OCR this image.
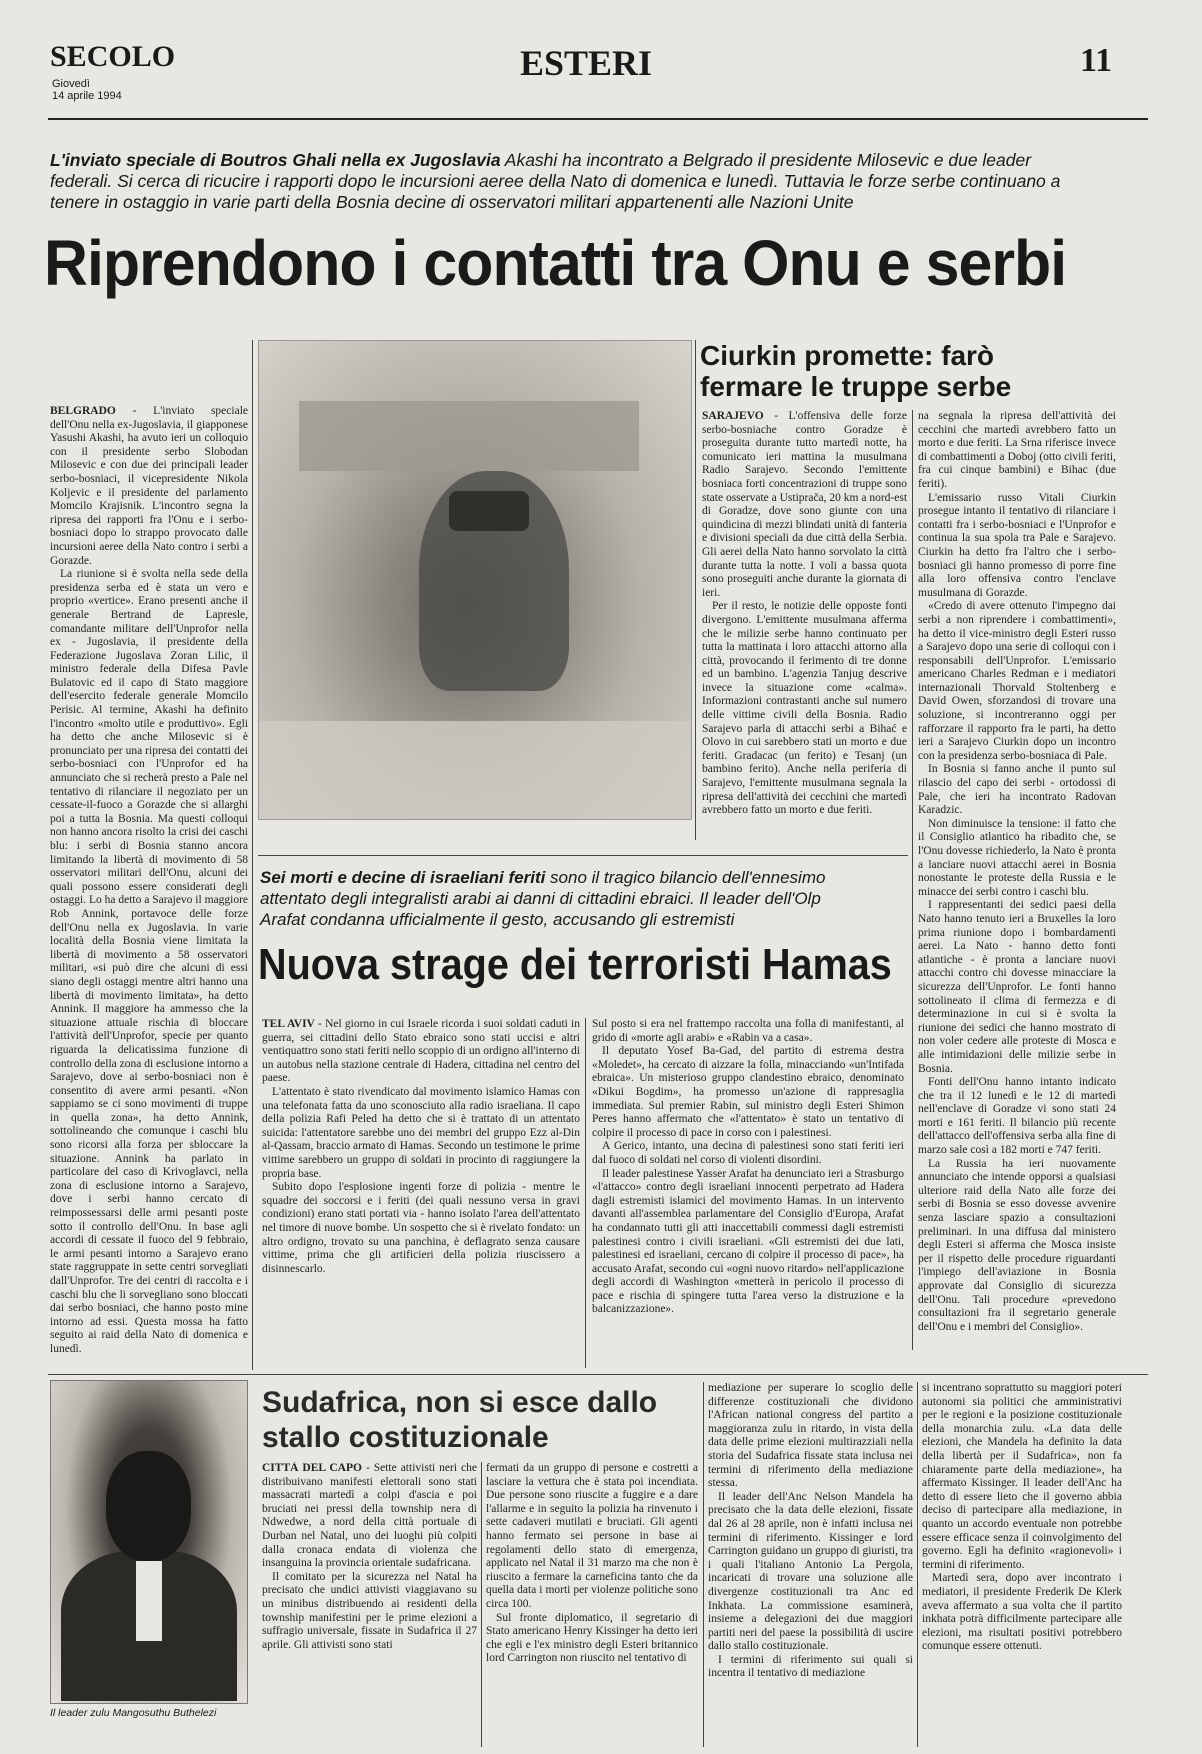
SECOLO
Giovedì
14 aprile 1994
ESTERI	11
L'inviato speciale di Boutros Ghali nella ex Jugoslavia Akashi ha incontrato a Belgrado il presidente Milosevic e due leader federali. Si cerca di ricucire i rapporti dopo le incursioni aeree della Nato di domenica e lunedì. Tuttavia le forze serbe continuano a tenere in ostaggio in varie parti della Bosnia decine di osservatori militari appartenenti alle Nazioni Unite
Riprendono i contatti tra Onu e serbi

BELGRADO - L'inviato speciale dell'Onu nella ex-Jugoslavia, il giapponese Yasushi Akashi, ha avuto ieri un colloquio con il presidente serbo Slobodan Milosevic e con due dei principali leader serbo-bosniaci, il vicepresidente Nikola Koljevic e il presidente del parlamento Momcilo Krajisnik. L'incontro segna la ripresa dei rapporti fra l'Onu e i serbo-bosniaci dopo lo strappo provocato dalle incursioni aeree della Nato contro i serbi a Gorazde.

La riunione si è svolta nella sede della presidenza serba ed è stata un vero e proprio «vertice». Erano presenti anche il generale Bertrand de Lapresle, comandante militare dell'Unprofor nella ex - Jugoslavia, il presidente della Federazione Jugoslava Zoran Lilic, il ministro federale della Difesa Pavle Bulatovic ed il capo di Stato maggiore dell'esercito federale generale Momcilo Perisic. Al termine, Akashi ha definito l'incontro «molto utile e produttivo». Egli ha detto che anche Milosevic si è pronunciato per una ripresa dei contatti dei serbo-bosniaci con l'Unprofor ed ha annunciato che si recherà presto a Pale nel tentativo di rilanciare il negoziato per un cessate-il-fuoco a Gorazde che si allarghi poi a tutta la Bosnia. Ma questi colloqui non hanno ancora risolto la crisi dei caschi blu: i serbi di Bosnia stanno ancora limitando la libertà di movimento di 58 osservatori militari dell'Onu, alcuni dei quali possono essere considerati degli ostaggi. Lo ha detto a Sarajevo il maggiore Rob Annink, portavoce delle forze dell'Onu nella ex Jugoslavia. In varie località della Bosnia viene limitata la libertà di movimento a 58 osservatori militari, «si può dire che alcuni di essi siano degli ostaggi mentre altri hanno una libertà di movimento limitata», ha detto Annink. Il maggiore ha ammesso che la situazione attuale rischia di bloccare l'attività dell'Unprofor, specie per quanto riguarda la delicatissima funzione di controllo della zona di esclusione intorno a Sarajevo, dove ai serbo-bosniaci non è consentito di avere armi pesanti. «Non sappiamo se ci sono movimenti di truppe in quella zona», ha detto Annink, sottolineando che comunque i caschi blu sono ricorsi alla forza per sbloccare la situazione. Annink ha parlato in particolare del caso di Krivoglavci, nella zona di esclusione intorno a Sarajevo, dove i serbi hanno cercato di reimpossessarsi delle armi pesanti poste sotto il controllo dell'Onu. In base agli accordi di cessate il fuoco del 9 febbraio, le armi pesanti intorno a Sarajevo erano state raggruppate in sette centri sorvegliati dall'Unprofor. Tre dei centri di raccolta e i caschi blu che li sorvegliano sono bloccati dai serbo bosniaci, che hanno posto mine intorno ad essi. Questa mossa ha fatto seguito ai raid della Nato di domenica e lunedì.

Ciurkin promette: farò fermare le truppe serbe

SARAJEVO - L'offensiva delle forze serbo-bosniache contro Goradze è proseguita durante tutto martedì notte, ha comunicato ieri mattina la musulmana Radio Sarajevo. Secondo l'emittente bosniaca forti concentrazioni di truppe sono state osservate a Ustiprača, 20 km a nord-est di Goradze, dove sono giunte con una quindicina di mezzi blindati unità di fanteria e divisioni speciali da due città della Serbia. Gli aerei della Nato hanno sorvolato la città durante tutta la notte. I voli a bassa quota sono proseguiti anche durante la giornata di ieri.

Per il resto, le notizie delle opposte fonti divergono. L'emittente musulmana afferma che le milizie serbe hanno continuato per tutta la mattinata i loro attacchi attorno alla città, provocando il ferimento di tre donne ed un bambino. L'agenzia Tanjug descrive invece la situazione come «calma». Informazioni contrastanti anche sul numero delle vittime civili della Bosnia. Radio Sarajevo parla di attacchi serbi a Bihać e Olovo in cui sarebbero stati un morto e due feriti. Gradacac (un ferito) e Tesanj (un bambino ferito). Anche nella periferia di Sarajevo, l'emittente musulmana segnala la ripresa dell'attività dei cecchini che martedì avrebbero fatto un morto e due feriti.

na segnala la ripresa dell'attività dei cecchini che martedì avrebbero fatto un morto e due feriti. La Srna riferisce invece di combattimenti a Doboj (otto civili feriti, fra cui cinque bambini) e Bihac (due feriti).

L'emissario russo Vitali Ciurkin prosegue intanto il tentativo di rilanciare i contatti fra i serbo-bosniaci e l'Unprofor e continua la sua spola tra Pale e Sarajevo. Ciurkin ha detto fra l'altro che i serbo-bosniaci gli hanno promesso di porre fine alla loro offensiva contro l'enclave musulmana di Gorazde.

«Credo di avere ottenuto l'impegno dai serbi a non riprendere i combattimenti», ha detto il vice-ministro degli Esteri russo a Sarajevo dopo una serie di colloqui con i responsabili dell'Unprofor. L'emissario americano Charles Redman e i mediatori internazionali Thorvald Stoltenberg e David Owen, sforzandosi di trovare una soluzione, si incontreranno oggi per rafforzare il rapporto fra le parti, ha detto ieri a Sarajevo Ciurkin dopo un incontro con la presidenza serbo-bosniaca di Pale.

In Bosnia si fanno anche il punto sul rilascio del capo dei serbi - ortodossi di Pale, che ieri ha incontrato Radovan Karadzic.

Non diminuisce la tensione: il fatto che il Consiglio atlantico ha ribadito che, se l'Onu dovesse richiederlo, la Nato è pronta a lanciare nuovi attacchi aerei in Bosnia nonostante le proteste della Russia e le minacce dei serbi contro i caschi blu.

I rappresentanti dei sedici paesi della Nato hanno tenuto ieri a Bruxelles la loro prima riunione dopo i bombardamenti aerei. La Nato - hanno detto fonti atlantiche - è pronta a lanciare nuovi attacchi contro chi dovesse minacciare la sicurezza dell'Unprofor. Le fonti hanno sottolineato il clima di fermezza e di determinazione in cui si è svolta la riunione dei sedici che hanno mostrato di non voler cedere alle proteste di Mosca e alle intimidazioni delle milizie serbe in Bosnia.

Fonti dell'Onu hanno intanto indicato che tra il 12 lunedì e le 12 di martedì nell'enclave di Goradze vi sono stati 24 morti e 161 feriti. Il bilancio più recente dell'attacco dell'offensiva serba alla fine di marzo sale così a 182 morti e 747 feriti.

La Russia ha ieri nuovamente annunciato che intende opporsi a qualsiasi ulteriore raid della Nato alle forze dei serbi di Bosnia se esso dovesse avvenire senza lasciare spazio a consultazioni preliminari. In una diffusa dal ministero degli Esteri si afferma che Mosca insiste per il rispetto delle procedure riguardanti l'impiego dell'aviazione in Bosnia approvate dal Consiglio di sicurezza dell'Onu. Tali procedure «prevedono consultazioni fra il segretario generale dell'Onu e i membri del Consiglio».

Sei morti e decine di israeliani feriti sono il tragico bilancio dell'ennesimo attentato degli integralisti arabi ai danni di cittadini ebraici. Il leader dell'Olp Arafat condanna ufficialmente il gesto, accusando gli estremisti
Nuova strage dei terroristi Hamas

TEL AVIV - Nel giorno in cui Israele ricorda i suoi soldati caduti in guerra, sei cittadini dello Stato ebraico sono stati uccisi e altri ventiquattro sono stati feriti nello scoppio di un ordigno all'interno di un autobus nella stazione centrale di Hadera, cittadina nel centro del paese.

L'attentato è stato rivendicato dal movimento islamico Hamas con una telefonata fatta da uno sconosciuto alla radio israeliana. Il capo della polizia Rafi Peled ha detto che si è trattato di un attentato suicida: l'attentatore sarebbe uno dei membri del gruppo Ezz al-Din al-Qassam, braccio armato di Hamas. Secondo un testimone le prime vittime sarebbero un gruppo di soldati in procinto di raggiungere la propria base.

Subito dopo l'esplosione ingenti forze di polizia - mentre le squadre dei soccorsi e i feriti (dei quali nessuno versa in gravi condizioni) erano stati portati via - hanno isolato l'area dell'attentato nel timore di nuove bombe. Un sospetto che si è rivelato fondato: un altro ordigno, trovato su una panchina, è deflagrato senza causare vittime, prima che gli artificieri della polizia riuscissero a disinnescarlo.

Sul posto si era nel frattempo raccolta una folla di manifestanti, al grido di «morte agli arabi» e «Rabin va a casa».

Il deputato Yosef Ba-Gad, del partito di estrema destra «Moledet», ha cercato di aizzare la folla, minacciando «un'Intifada ebraica». Un misterioso gruppo clandestino ebraico, denominato «Dikui Bogdim», ha promesso un'azione di rappresaglia immediata. Sul premier Rabin, sul ministro degli Esteri Shimon Peres hanno affermato che «l'attentato» è stato un tentativo di colpire il processo di pace in corso con i palestinesi.

A Gerico, intanto, una decina di palestinesi sono stati feriti ieri dal fuoco di soldati nel corso di violenti disordini.

Il leader palestinese Yasser Arafat ha denunciato ieri a Strasburgo «l'attacco» contro degli israeliani innocenti perpetrato ad Hadera dagli estremisti islamici del movimento Hamas. In un intervento davanti all'assemblea parlamentare del Consiglio d'Europa, Arafat ha condannato tutti gli atti inaccettabili commessi dagli estremisti palestinesi contro i civili israeliani. «Gli estremisti dei due lati, palestinesi ed israeliani, cercano di colpire il processo di pace», ha accusato Arafat, secondo cui «ogni nuovo ritardo» nell'applicazione degli accordi di Washington «metterà in pericolo il processo di pace e rischia di spingere tutta l'area verso la distruzione e la balcanizzazione».

Il leader zulu Mangosuthu Buthelezi
Sudafrica, non si esce dallo stallo costituzionale

CITTÀ DEL CAPO - Sette attivisti neri che distribuivano manifesti elettorali sono stati massacrati martedì a colpi d'ascia e poi bruciati nei pressi della township nera di Ndwedwe, a nord della città portuale di Durban nel Natal, uno dei luoghi più colpiti dalla cronaca endata di violenza che insanguina la provincia orientale sudafricana.

Il comitato per la sicurezza nel Natal ha precisato che undici attivisti viaggiavano su un minibus distribuendo ai residenti della township manifestini per le prime elezioni a suffragio universale, fissate in Sudafrica il 27 aprile. Gli attivisti sono stati

fermati da un gruppo di persone e costretti a lasciare la vettura che è stata poi incendiata. Due persone sono riuscite a fuggire e a dare l'allarme e in seguito la polizia ha rinvenuto i sette cadaveri mutilati e bruciati. Gli agenti hanno fermato sei persone in base ai regolamenti dello stato di emergenza, applicato nel Natal il 31 marzo ma che non è riuscito a fermare la carneficina tanto che da quella data i morti per violenze politiche sono circa 100.

Sul fronte diplomatico, il segretario di Stato americano Henry Kissinger ha detto ieri che egli e l'ex ministro degli Esteri britannico lord Carrington non riuscito nel tentativo di

mediazione per superare lo scoglio delle differenze costituzionali che dividono l'African national congress del partito a maggioranza zulu in ritardo, in vista della data delle prime elezioni multirazziali nella storia del Sudafrica fissate stata inclusa nei termini di riferimento della mediazione stessa.

Il leader dell'Anc Nelson Mandela ha precisato che la data delle elezioni, fissate dal 26 al 28 aprile, non è infatti inclusa nei termini di riferimento. Kissinger e lord Carrington guidano un gruppo di giuristi, tra i quali l'italiano Antonio La Pergola, incaricati di trovare una soluzione alle divergenze costituzionali tra Anc ed Inkhata. La commissione esaminerà, insieme a delegazioni dei due maggiori partiti neri del paese la possibilità di uscire dallo stallo costituzionale.

I termini di riferimento sui quali si incentra il tentativo di mediazione

si incentrano soprattutto su maggiori poteri autonomi sia politici che amministrativi per le regioni e la posizione costituzionale della monarchia zulu. «La data delle elezioni, che Mandela ha definito la data della libertà per il Sudafrica», non fa chiaramente parte della mediazione», ha affermato Kissinger. Il leader dell'Anc ha detto di essere lieto che il governo abbia deciso di partecipare alla mediazione, in quanto un accordo eventuale non potrebbe essere efficace senza il coinvolgimento del governo. Egli ha definito «ragionevoli» i termini di riferimento.

Martedì sera, dopo aver incontrato i mediatori, il presidente Frederik De Klerk aveva affermato a sua volta che il partito inkhata potrà difficilmente partecipare alle elezioni, ma risultati positivi potrebbero comunque essere ottenuti.
